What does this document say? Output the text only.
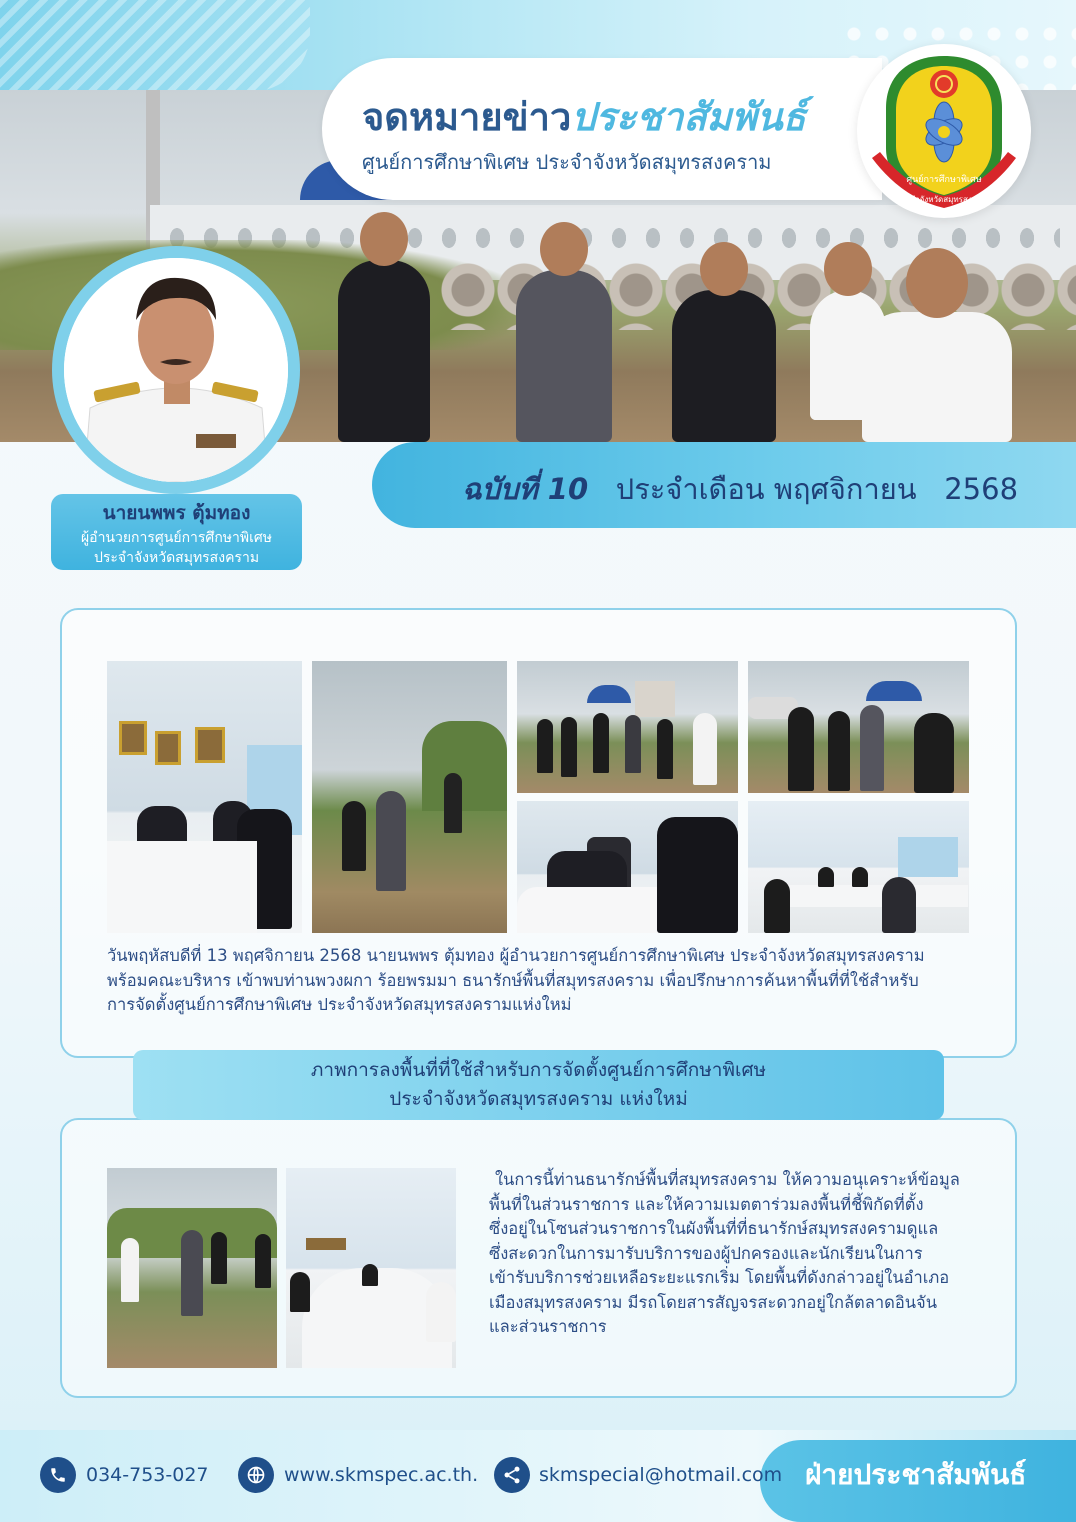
จดหมายข่าวประชาสัมพันธ์
ศูนย์การศึกษาพิเศษ ประจำจังหวัดสมุทรสงคราม
ศูนย์การศึกษาพิเศษ
ประจำจังหวัดสมุทรสงคราม
นายนพพร ตุ้มทอง
ผู้อำนวยการศูนย์การศึกษาพิเศษ
ประจำจังหวัดสมุทรสงคราม
ฉบับที่ 10 ประจำเดือน พฤศจิกายน 2568
วันพฤหัสบดีที่ 13 พฤศจิกายน 2568 นายนพพร ตุ้มทอง ผู้อำนวยการศูนย์การศึกษาพิเศษ ประจำจังหวัดสมุทรสงคราม
พร้อมคณะบริหาร เข้าพบท่านพวงผกา ร้อยพรมมา ธนารักษ์พื้นที่สมุทรสงคราม เพื่อปรึกษาการค้นหาพื้นที่ที่ใช้สำหรับ
การจัดตั้งศูนย์การศึกษาพิเศษ ประจำจังหวัดสมุทรสงครามแห่งใหม่
ภาพการลงพื้นที่ที่ใช้สำหรับการจัดตั้งศูนย์การศึกษาพิเศษ
ประจำจังหวัดสมุทรสงคราม แห่งใหม่
ในการนี้ท่านธนารักษ์พื้นที่สมุทรสงคราม ให้ความอนุเคราะห์ข้อมูล
พื้นที่ในส่วนราชการ และให้ความเมตตาร่วมลงพื้นที่ชี้พิกัดที่ตั้ง
ซึ่งอยู่ในโซนส่วนราชการในผังพื้นที่ที่ธนารักษ์สมุทรสงครามดูแล
ซึ่งสะดวกในการมารับบริการของผู้ปกครองและนักเรียนในการ
เข้ารับบริการช่วยเหลือระยะแรกเริ่ม โดยพื้นที่ดังกล่าวอยู่ในอำเภอ
เมืองสมุทรสงคราม มีรถโดยสารสัญจรสะดวกอยู่ใกล้ตลาดอินจัน
และส่วนราชการ
034-753-027	www.skmspec.ac.th.	skmspecial@hotmail.com ฝ่ายประชาสัมพันธ์
